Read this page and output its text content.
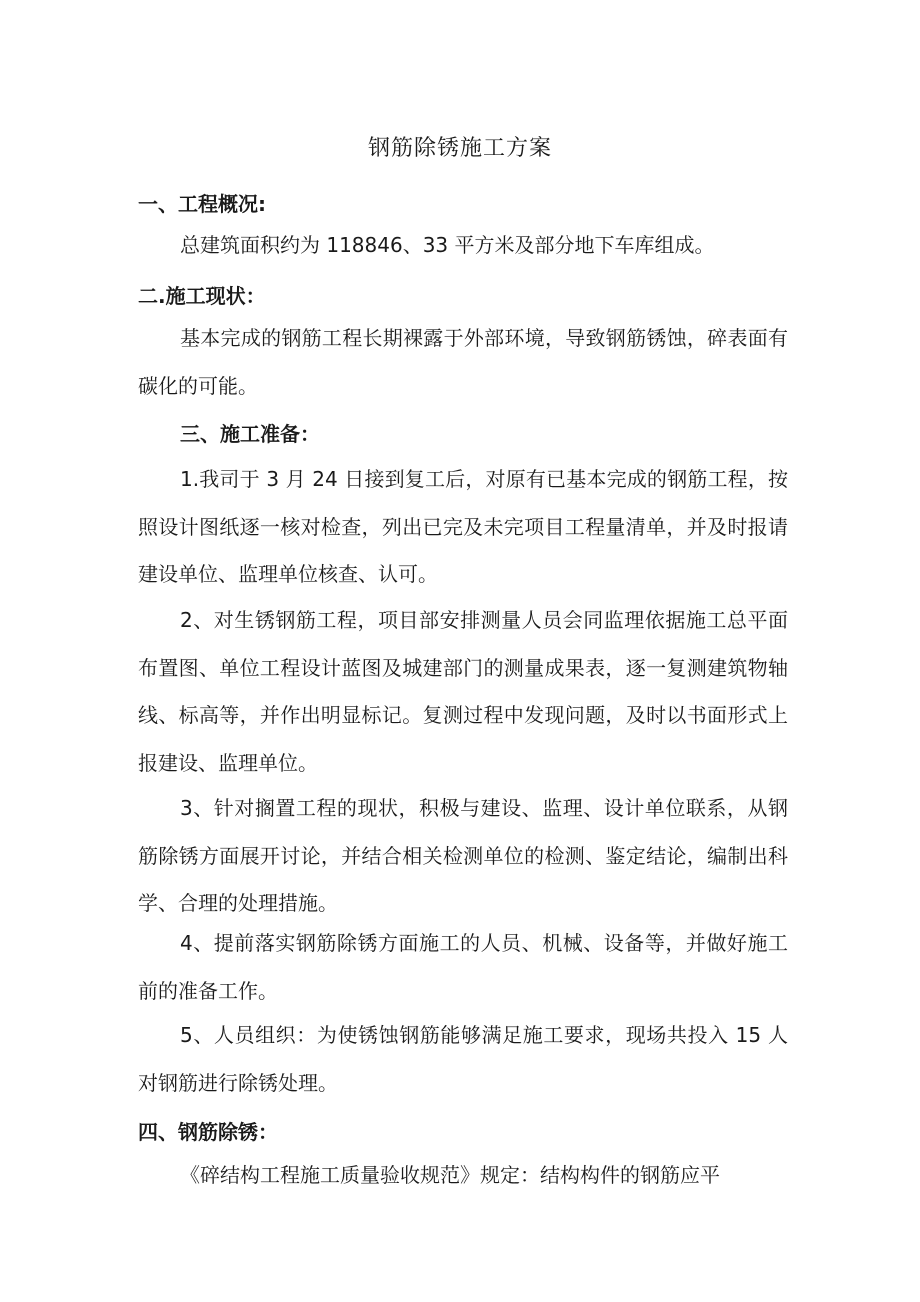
钢筋除锈施工方案
一、工程概况:
总建筑面积约为 118846、33 平方米及部分地下车库组成。
二.施工现状：
基本完成的钢筋工程长期裸露于外部环境，导致钢筋锈蚀，碎表面有碳化的可能。
三、施工准备：
1.我司于 3 月 24 日接到复工后，对原有已基本完成的钢筋工程，按照设计图纸逐一核对检查，列出已完及未完项目工程量清单，并及时报请建设单位、监理单位核查、认可。
2、对生锈钢筋工程，项目部安排测量人员会同监理依据施工总平面布置图、单位工程设计蓝图及城建部门的测量成果表，逐一复测建筑物轴线、标高等，并作出明显标记。复测过程中发现问题，及时以书面形式上报建设、监理单位。
3、针对搁置工程的现状，积极与建设、监理、设计单位联系，从钢筋除锈方面展开讨论，并结合相关检测单位的检测、鉴定结论，编制出科学、合理的处理措施。
4、提前落实钢筋除锈方面施工的人员、机械、设备等，并做好施工前的准备工作。
5、人员组织：为使锈蚀钢筋能够满足施工要求，现场共投入 15 人对钢筋进行除锈处理。
四、钢筋除锈：
《碎结构工程施工质量验收规范》规定：结构构件的钢筋应平
